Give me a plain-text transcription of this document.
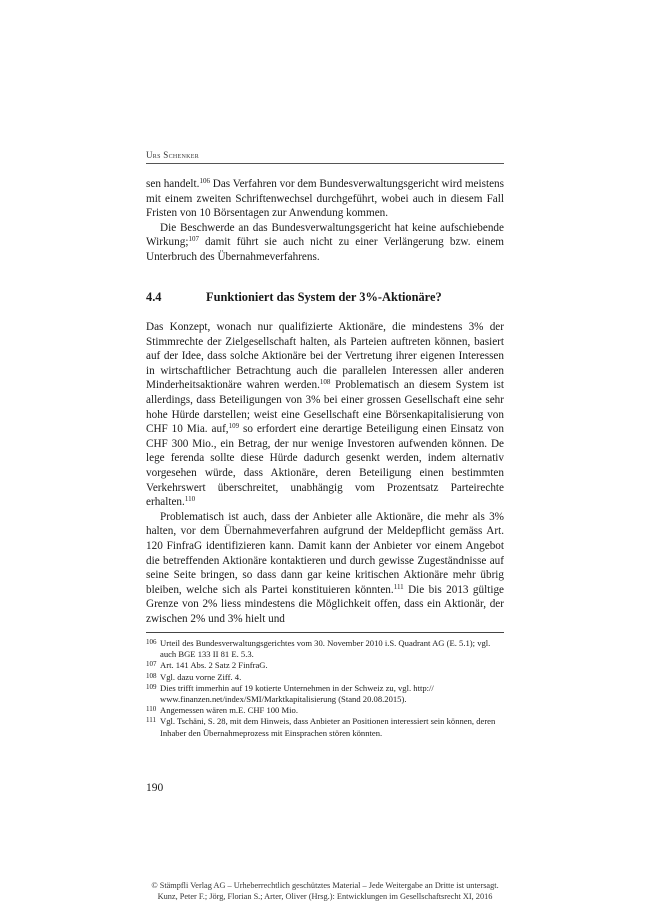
Urs Schenker

sen handelt.$^{106}$ Das Verfahren vor dem Bundesverwaltungsgericht wird meistens mit einem zweiten Schriftenwechsel durchgeführt, wobei auch in diesem Fall Fristen von 10 Börsentagen zur Anwendung kommen.

Die Beschwerde an das Bundesverwaltungsgericht hat keine aufschiebende Wirkung;$^{107}$ damit führt sie auch nicht zu einer Verlängerung bzw. einem Unterbruch des Übernahmeverfahrens.

4.4	Funktioniert das System der 3%-Aktionäre?

Das Konzept, wonach nur qualifizierte Aktionäre, die mindestens 3% der Stimmrechte der Zielgesellschaft halten, als Parteien auftreten können, basiert auf der Idee, dass solche Aktionäre bei der Vertretung ihrer eigenen Interessen in wirtschaftlicher Betrachtung auch die parallelen Interessen aller anderen Minderheitsaktionäre wahren werden.$^{108}$ Problematisch an diesem System ist allerdings, dass Beteiligungen von 3% bei einer grossen Gesellschaft eine sehr hohe Hürde darstellen; weist eine Gesellschaft eine Börsenkapitalisierung von CHF 10 Mia. auf,$^{109}$ so erfordert eine derartige Beteiligung einen Einsatz von CHF 300 Mio., ein Betrag, der nur wenige Investoren aufwenden können. De lege ferenda sollte diese Hürde dadurch gesenkt werden, indem alternativ vorgesehen würde, dass Aktionäre, deren Beteiligung einen bestimmten Verkehrswert überschreitet, unabhängig vom Prozentsatz Parteirechte erhalten.$^{110}$

Problematisch ist auch, dass der Anbieter alle Aktionäre, die mehr als 3% halten, vor dem Übernahmeverfahren aufgrund der Meldepflicht gemäss Art. 120 FinfraG identifizieren kann. Damit kann der Anbieter vor einem Angebot die betreffenden Aktionäre kontaktieren und durch gewisse Zugeständnisse auf seine Seite bringen, so dass dann gar keine kritischen Aktionäre mehr übrig bleiben, welche sich als Partei konstituieren könnten.$^{111}$ Die bis 2013 gültige Grenze von 2% liess mindestens die Möglichkeit offen, dass ein Aktionär, der zwischen 2% und 3% hielt und

106 Urteil des Bundesverwaltungsgerichtes vom 30. November 2010 i.S. Quadrant AG (E. 5.1); vgl. auch BGE 133 II 81 E. 5.3.
107 Art. 141 Abs. 2 Satz 2 FinfraG.
108 Vgl. dazu vorne Ziff. 4.
109 Dies trifft immerhin auf 19 kotierte Unternehmen in der Schweiz zu, vgl. http:// www.finanzen.net/index/SMI/Marktkapitalisierung (Stand 20.08.2015).
110 Angemessen wären m.E. CHF 100 Mio.
111 Vgl. Tschäni, S. 28, mit dem Hinweis, dass Anbieter an Positionen interessiert sein können, deren Inhaber den Übernahmeprozess mit Einsprachen stören könnten.
190
© Stämpfli Verlag AG – Urheberrechtlich geschütztes Material – Jede Weitergabe an Dritte ist untersagt.
Kunz, Peter F.; Jörg, Florian S.; Arter, Oliver (Hrsg.): Entwicklungen im Gesellschaftsrecht XI, 2016
